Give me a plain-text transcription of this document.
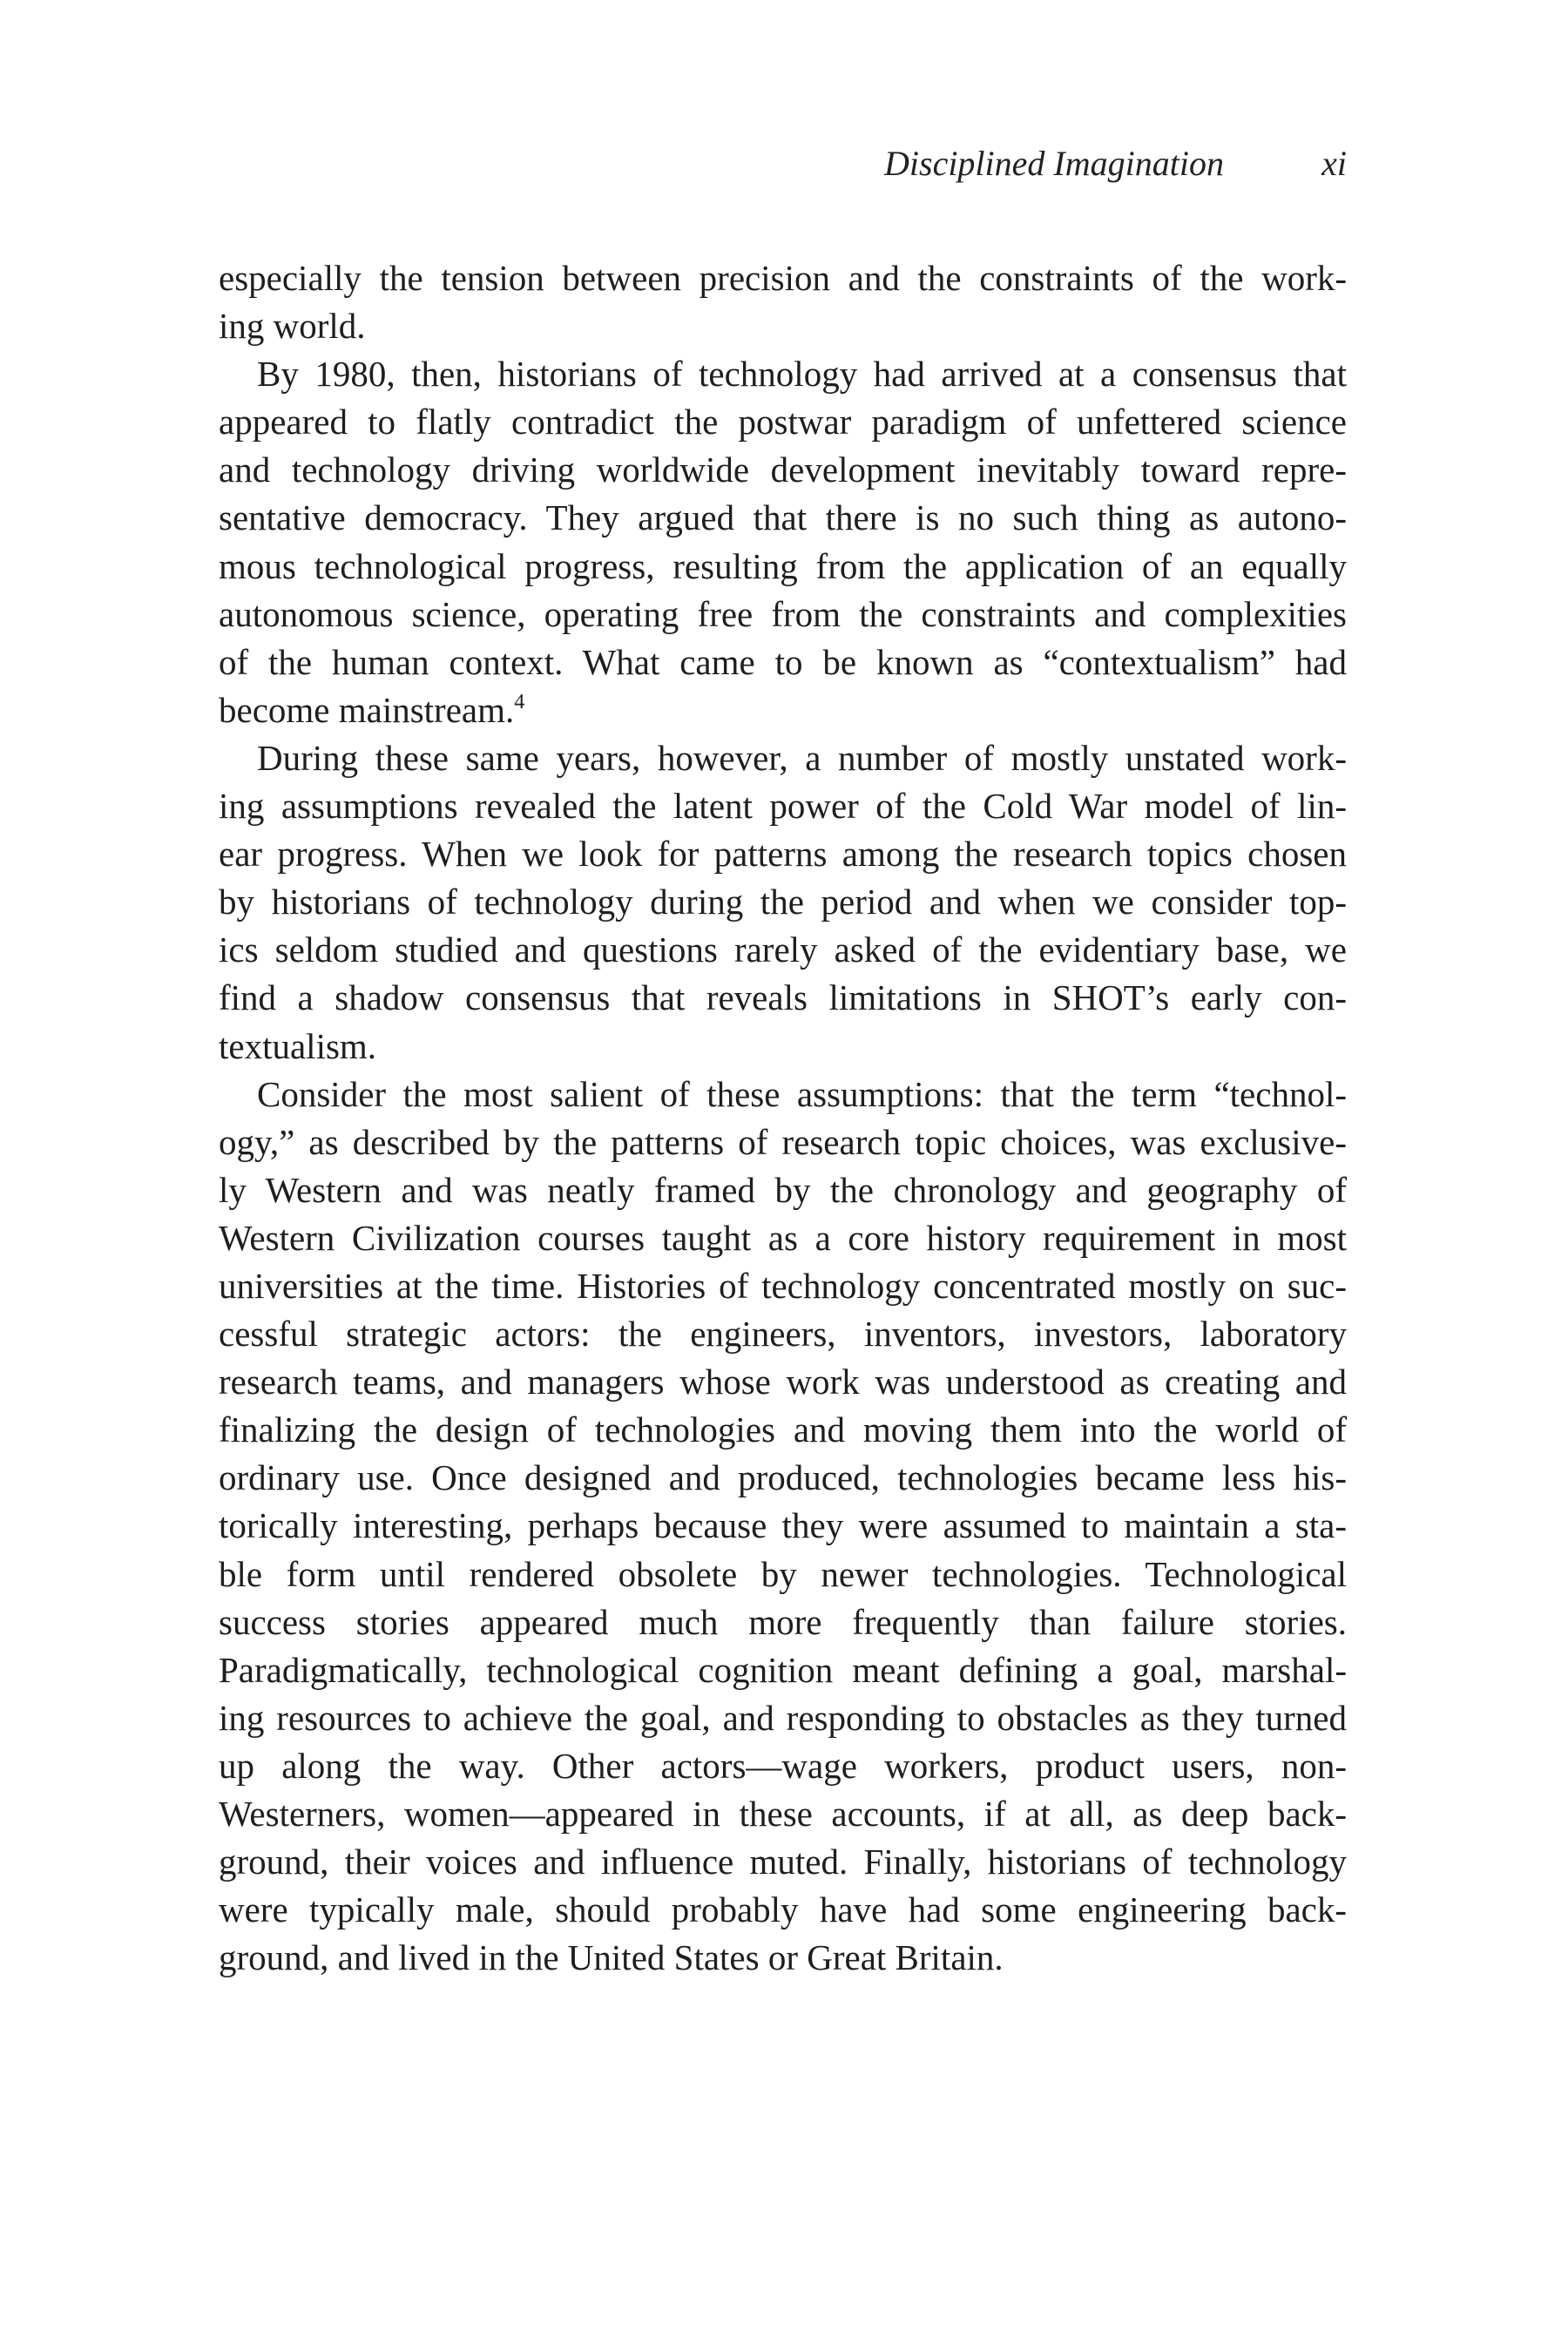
Disciplined Imagination	xi
especially the tension between precision and the constraints of the work-
ing world.
By 1980, then, historians of technology had arrived at a consensus that
appeared to flatly contradict the postwar paradigm of unfettered science
and technology driving worldwide development inevitably toward repre-
sentative democracy. They argued that there is no such thing as autono-
mous technological progress, resulting from the application of an equally
autonomous science, operating free from the constraints and complexities
of the human context. What came to be known as “contextualism” had
become mainstream.$^4$
During these same years, however, a number of mostly unstated work-
ing assumptions revealed the latent power of the Cold War model of lin-
ear progress. When we look for patterns among the research topics chosen
by historians of technology during the period and when we consider top-
ics seldom studied and questions rarely asked of the evidentiary base, we
find a shadow consensus that reveals limitations in SHOT’s early con-
textualism.
Consider the most salient of these assumptions: that the term “technol-
ogy,” as described by the patterns of research topic choices, was exclusive-
ly Western and was neatly framed by the chronology and geography of
Western Civilization courses taught as a core history requirement in most
universities at the time. Histories of technology concentrated mostly on suc-
cessful strategic actors: the engineers, inventors, investors, laboratory
research teams, and managers whose work was understood as creating and
finalizing the design of technologies and moving them into the world of
ordinary use. Once designed and produced, technologies became less his-
torically interesting, perhaps because they were assumed to maintain a sta-
ble form until rendered obsolete by newer technologies. Technological
success stories appeared much more frequently than failure stories.
Paradigmatically, technological cognition meant defining a goal, marshal-
ing resources to achieve the goal, and responding to obstacles as they turned
up along the way. Other actors—wage workers, product users, non-
Westerners, women—appeared in these accounts, if at all, as deep back-
ground, their voices and influence muted. Finally, historians of technology
were typically male, should probably have had some engineering back-
ground, and lived in the United States or Great Britain.
